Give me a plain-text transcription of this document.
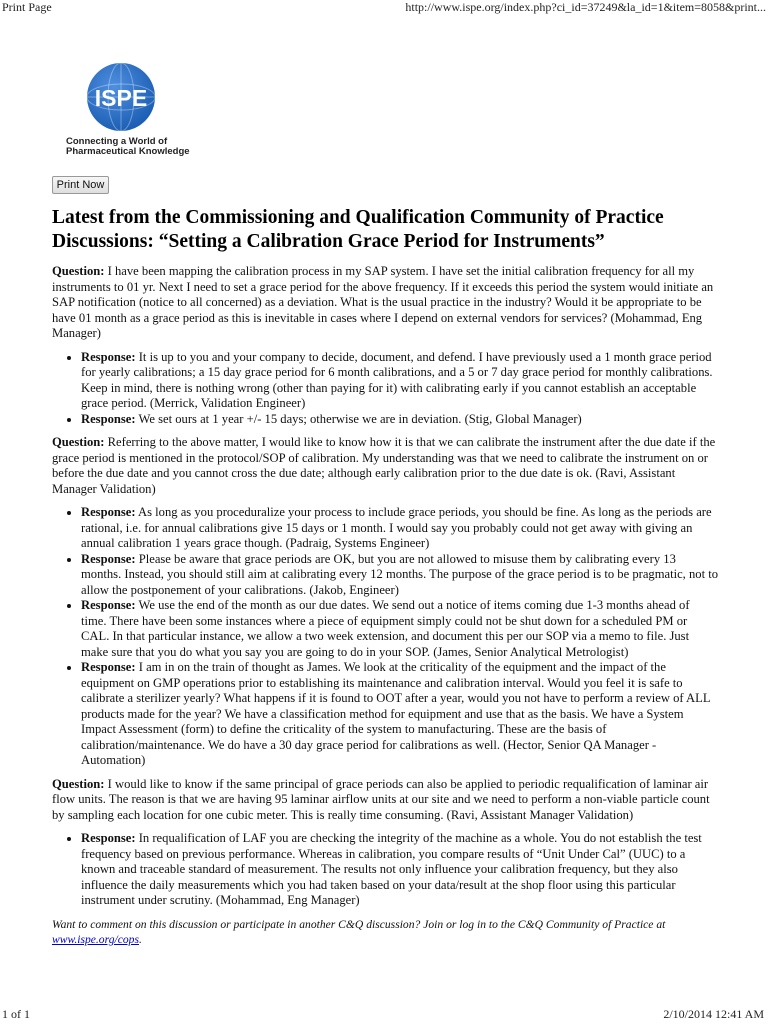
Print Page	http://www.ispe.org/index.php?ci_id=37249&la_id=1&item=8058&print...
ISPE
Connecting a World of
Pharmaceutical Knowledge
Print Now
Latest from the Commissioning and Qualification Community of Practice Discussions: “Setting a Calibration Grace Period for Instruments”

Question: I have been mapping the calibration process in my SAP system. I have set the initial calibration frequency for all my instruments to 01 yr. Next I need to set a grace period for the above frequency. If it exceeds this period the system would initiate an SAP notification (notice to all concerned) as a deviation. What is the usual practice in the industry? Would it be appropriate to be have 01 month as a grace period as this is inevitable in cases where I depend on external vendors for services? (Mohammad, Eng Manager)

• Response: It is up to you and your company to decide, document, and defend. I have previously used a 1 month grace period for yearly calibrations; a 15 day grace period for 6 month calibrations, and a 5 or 7 day grace period for monthly calibrations. Keep in mind, there is nothing wrong (other than paying for it) with calibrating early if you cannot establish an acceptable grace period. (Merrick, Validation Engineer)
• Response: We set ours at 1 year +/- 15 days; otherwise we are in deviation. (Stig, Global Manager)

Question: Referring to the above matter, I would like to know how it is that we can calibrate the instrument after the due date if the grace period is mentioned in the protocol/SOP of calibration. My understanding was that we need to calibrate the instrument on or before the due date and you cannot cross the due date; although early calibration prior to the due date is ok. (Ravi, Assistant Manager Validation)

• Response: As long as you proceduralize your process to include grace periods, you should be fine. As long as the periods are rational, i.e. for annual calibrations give 15 days or 1 month. I would say you probably could not get away with giving an annual calibration 1 years grace though. (Padraig, Systems Engineer)
• Response: Please be aware that grace periods are OK, but you are not allowed to misuse them by calibrating every 13 months. Instead, you should still aim at calibrating every 12 months. The purpose of the grace period is to be pragmatic, not to allow the postponement of your calibrations. (Jakob, Engineer)
• Response: We use the end of the month as our due dates. We send out a notice of items coming due 1-3 months ahead of time. There have been some instances where a piece of equipment simply could not be shut down for a scheduled PM or CAL. In that particular instance, we allow a two week extension, and document this per our SOP via a memo to file. Just make sure that you do what you say you are going to do in your SOP. (James, Senior Analytical Metrologist)
• Response: I am in on the train of thought as James. We look at the criticality of the equipment and the impact of the equipment on GMP operations prior to establishing its maintenance and calibration interval. Would you feel it is safe to calibrate a sterilizer yearly? What happens if it is found to OOT after a year, would you not have to perform a review of ALL products made for the year? We have a classification method for equipment and use that as the basis. We have a System Impact Assessment (form) to define the criticality of the system to manufacturing. These are the basis of calibration/maintenance. We do have a 30 day grace period for calibrations as well. (Hector, Senior QA Manager - Automation)

Question: I would like to know if the same principal of grace periods can also be applied to periodic requalification of laminar air flow units. The reason is that we are having 95 laminar airflow units at our site and we need to perform a non-viable particle count by sampling each location for one cubic meter. This is really time consuming. (Ravi, Assistant Manager Validation)

• Response: In requalification of LAF you are checking the integrity of the machine as a whole. You do not establish the test frequency based on previous performance. Whereas in calibration, you compare results of “Unit Under Cal” (UUC) to a known and traceable standard of measurement. The results not only influence your calibration frequency, but they also influence the daily measurements which you had taken based on your data/result at the shop floor using this particular instrument under scrutiny. (Mohammad, Eng Manager)

Want to comment on this discussion or participate in another C&Q discussion? Join or log in to the C&Q Community of Practice at www.ispe.org/cops.

1 of 1	2/10/2014 12:41 AM
